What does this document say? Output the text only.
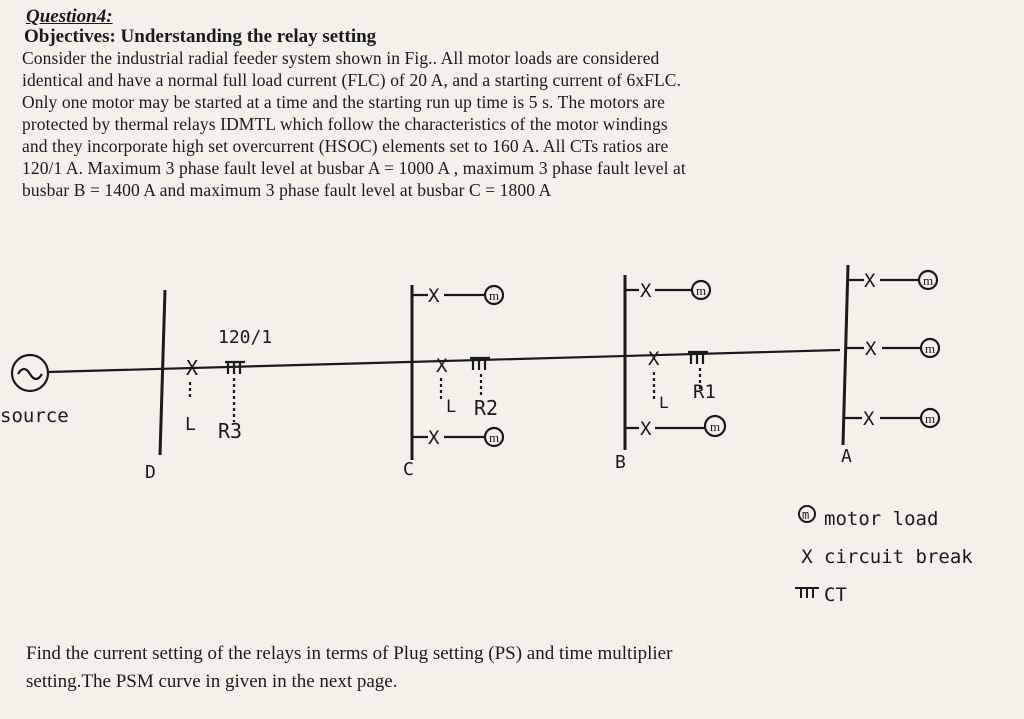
Question4:
Objectives: Understanding the relay setting
Consider the industrial radial feeder system shown in Fig.. All motor loads are considered
identical and have a normal full load current (FLC) of 20 A, and a starting current of 6xFLC.
Only one motor may be started at a time and the starting run up time is 5 s. The motors are
protected by thermal relays IDMTL which follow the characteristics of the motor windings
and they incorporate high set overcurrent (HSOC) elements set to 160 A. All CTs ratios are
120/1 A. Maximum 3 phase fault level at busbar A = 1000 A , maximum 3 phase fault level at
busbar B = 1400 A and maximum 3 phase fault level at busbar C = 1800 A
source
D
X
120/1
L R3
C
X	m
X	m
X
L R2
B
X	m
X	m
X
L R1
A
X	m
X	m
X	m
m motor load
X circuit break
CT
Find the current setting of the relays in terms of Plug setting (PS) and time multiplier
setting.The PSM curve in given in the next page.
